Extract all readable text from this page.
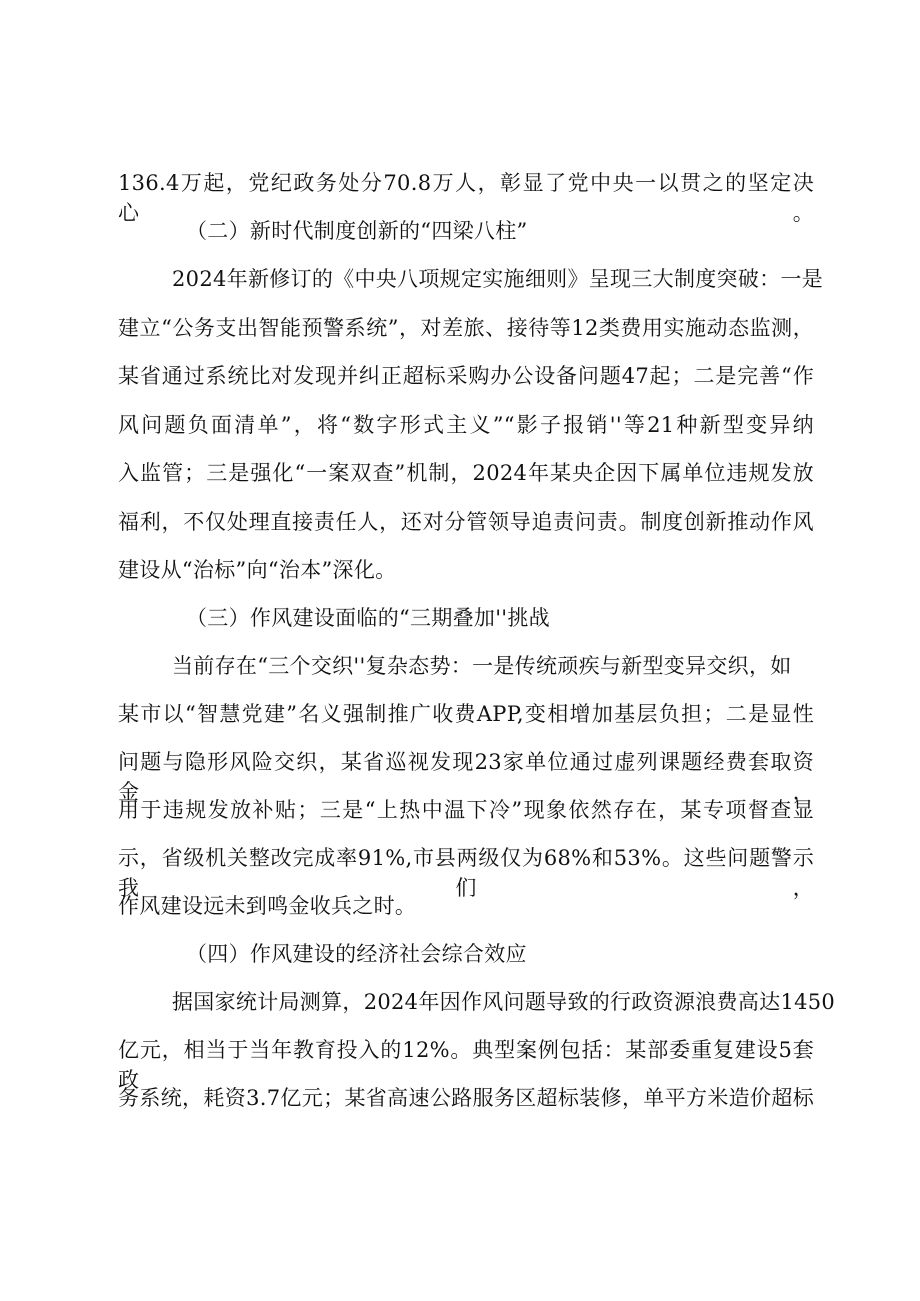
136.4万起，党纪政务处分70.8万人，彰显了党中央一以贯之的坚定决心。
（二）新时代制度创新的“四梁八柱”
2024年新修订的《中央八项规定实施细则》呈现三大制度突破：一是
建立“公务支出智能预警系统”，对差旅、接待等12类费用实施动态监测，
某省通过系统比对发现并纠正超标采购办公设备问题47起；二是完善“作
风问题负面清单”，将“数字形式主义”“影子报销''等21种新型变异纳
入监管；三是强化“一案双查”机制，2024年某央企因下属单位违规发放
福利，不仅处理直接责任人，还对分管领导追责问责。制度创新推动作风
建设从“治标”向“治本”深化。
（三）作风建设面临的“三期叠加''挑战
当前存在“三个交织''复杂态势：一是传统顽疾与新型变异交织，如
某市以“智慧党建”名义强制推广收费APP,变相增加基层负担；二是显性
问题与隐形风险交织，某省巡视发现23家单位通过虚列课题经费套取资金，
用于违规发放补贴；三是“上热中温下冷”现象依然存在，某专项督查显
示，省级机关整改完成率91%,市县两级仅为68%和53%。这些问题警示我们，
作风建设远未到鸣金收兵之时。
（四）作风建设的经济社会综合效应
据国家统计局测算，2024年因作风问题导致的行政资源浪费高达1450
亿元，相当于当年教育投入的12%。典型案例包括：某部委重复建设5套政
务系统，耗资3.7亿元；某省高速公路服务区超标装修，单平方米造价超标
